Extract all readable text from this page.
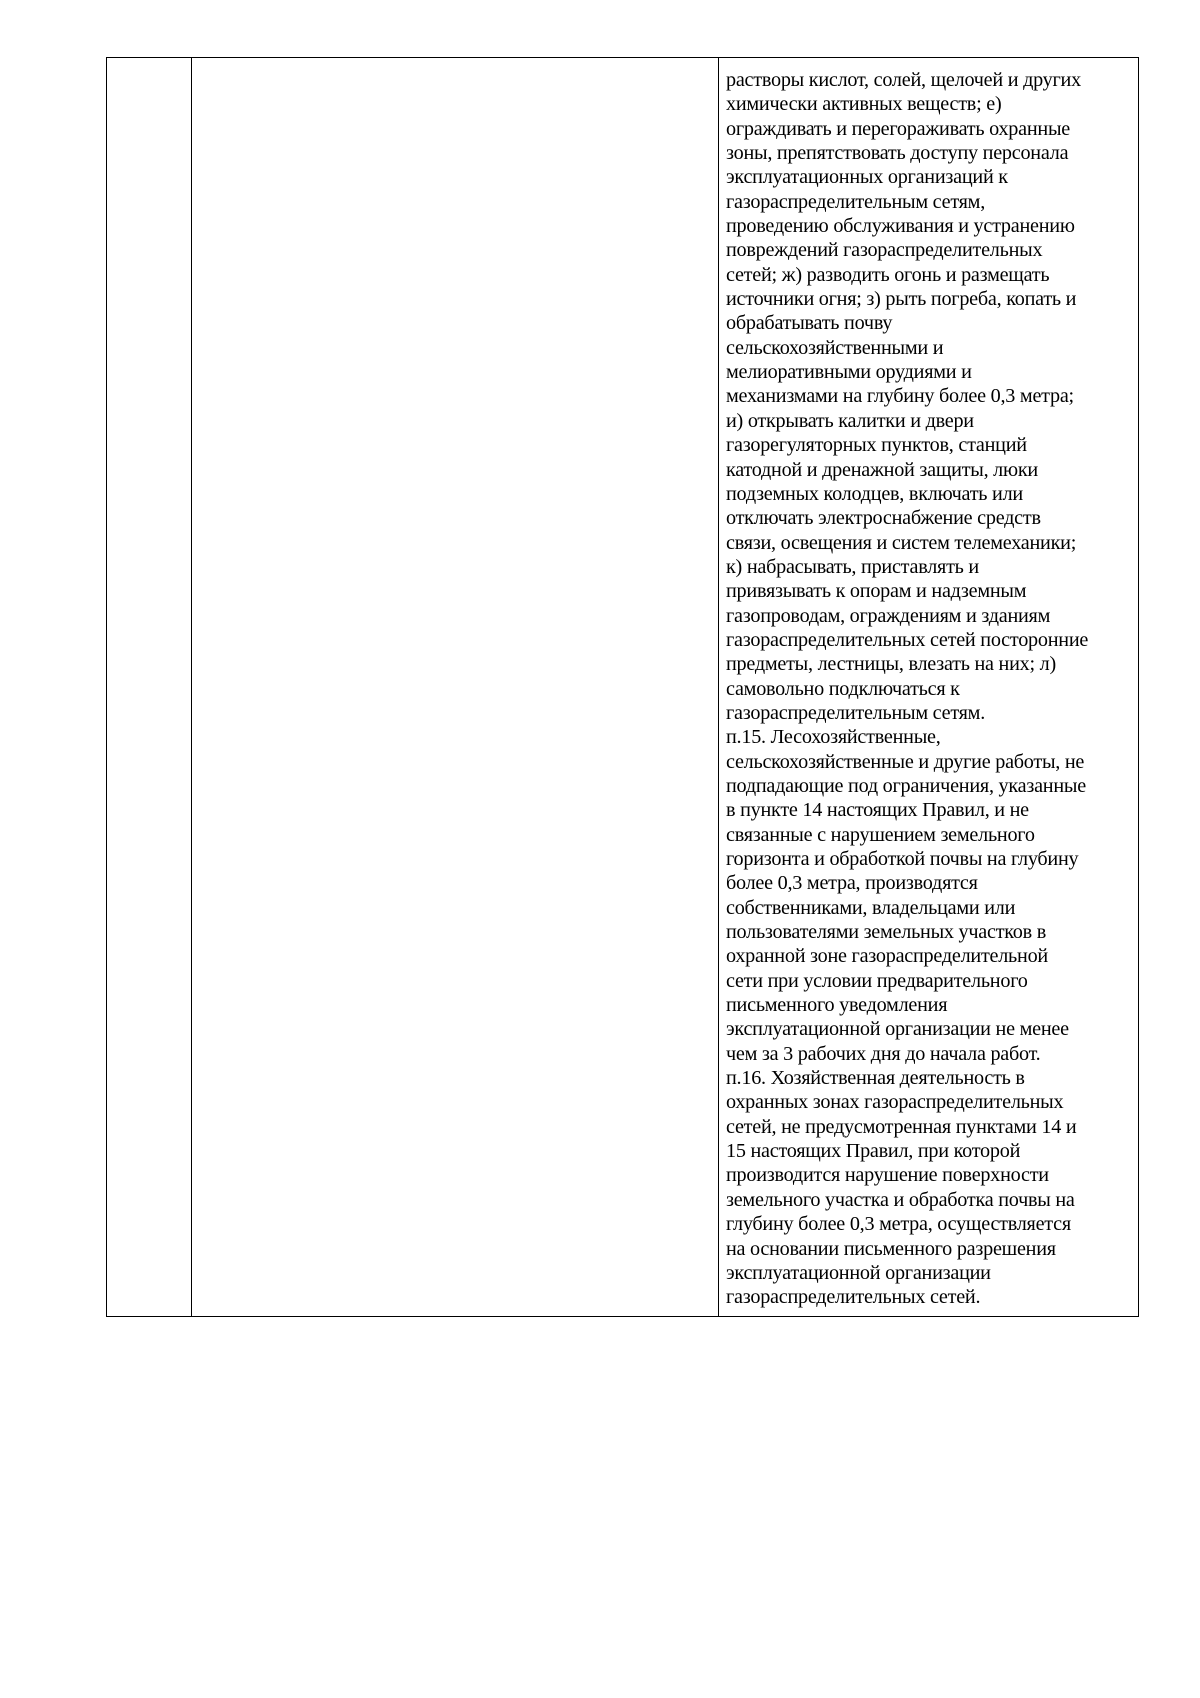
растворы кислот, солей, щелочей и других
химически активных веществ; е)
ограждивать и перегораживать охранные
зоны, препятствовать доступу персонала
эксплуатационных организаций к
газораспределительным сетям,
проведению обслуживания и устранению
повреждений газораспределительных
сетей; ж) разводить огонь и размещать
источники огня; з) рыть погреба, копать и
обрабатывать почву
сельскохозяйственными и
мелиоративными орудиями и
механизмами на глубину более 0,3 метра;
и) открывать калитки и двери
газорегуляторных пунктов, станций
катодной и дренажной защиты, люки
подземных колодцев, включать или
отключать электроснабжение средств
связи, освещения и систем телемеханики;
к) набрасывать, приставлять и
привязывать к опорам и надземным
газопроводам, ограждениям и зданиям
газораспределительных сетей посторонние
предметы, лестницы, влезать на них; л)
самовольно подключаться к
газораспределительным сетям.
п.15. Лесохозяйственные,
сельскохозяйственные и другие работы, не
подпадающие под ограничения, указанные
в пункте 14 настоящих Правил, и не
связанные с нарушением земельного
горизонта и обработкой почвы на глубину
более 0,3 метра, производятся
собственниками, владельцами или
пользователями земельных участков в
охранной зоне газораспределительной
сети при условии предварительного
письменного уведомления
эксплуатационной организации не менее
чем за 3 рабочих дня до начала работ.
п.16. Хозяйственная деятельность в
охранных зонах газораспределительных
сетей, не предусмотренная пунктами 14 и
15 настоящих Правил, при которой
производится нарушение поверхности
земельного участка и обработка почвы на
глубину более 0,3 метра, осуществляется
на основании письменного разрешения
эксплуатационной организации
газораспределительных сетей.
